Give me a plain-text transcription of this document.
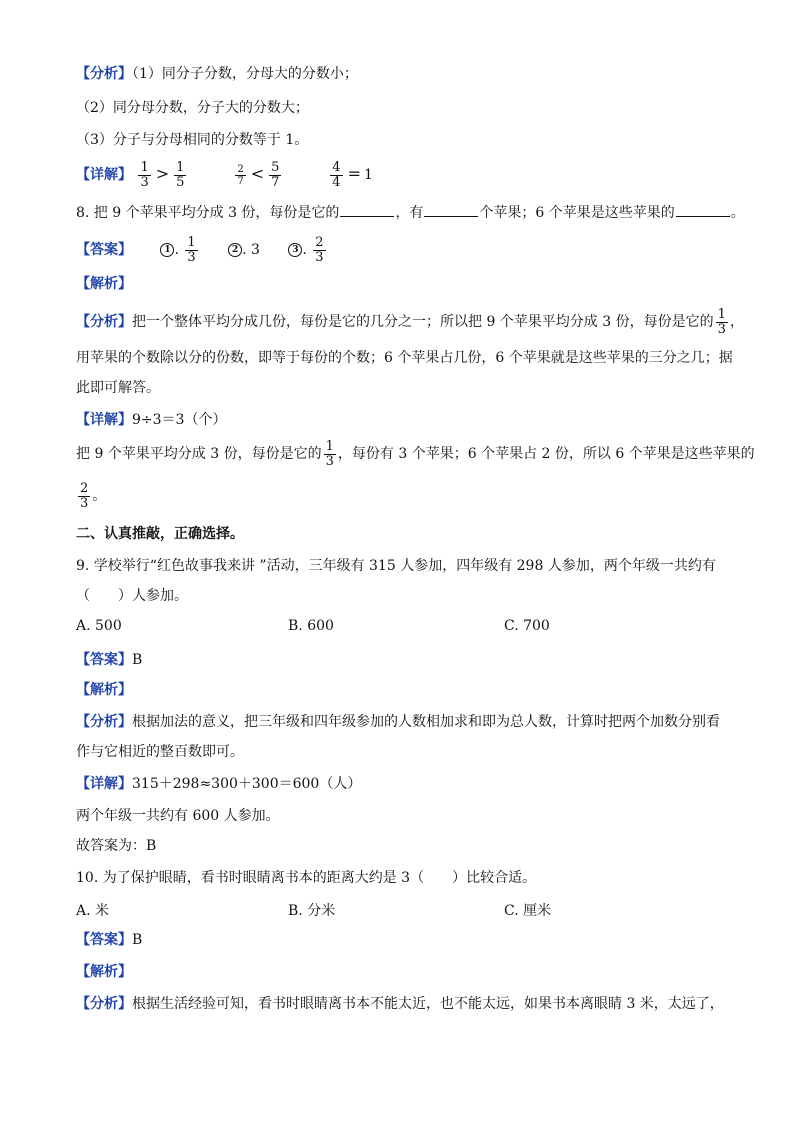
【分析】（1）同分子分数，分母大的分数小；
（2）同分母分数，分子大的分数大；
（3）分子与分母相同的分数等于 1。
【详解】 $\frac{1}{3} > \frac{1}{5}$
	$\frac{2}{7} < \frac{5}{7}$
	$\frac{4}{4} = 1$
8. 把 9 个苹果平均分成 3 份，每份是它的	，有	个苹果；6 个苹果是这些苹果的	。
【答案】	1 . $\frac{1}{3}$	2 . 3	3 . $\frac{2}{3}$
【解析】
【分析】把一个整体平均分成几份，每份是它的几分之一；所以把 9 个苹果平均分成 3 份，每份是它的 $\frac{1}{3}$ ，
用苹果的个数除以分的份数，即等于每份的个数；6 个苹果占几份，6 个苹果就是这些苹果的三分之几；据
此即可解答。
【详解】9÷3＝3（个）
把 9 个苹果平均分成 3 份，每份是它的 $\frac{1}{3}$ ，每份有 3 个苹果；6 个苹果占 2 份，所以 6 个苹果是这些苹果的
$\frac{2}{3}$ 。
二、认真推敲，正确选择。
9. 学校举行“红色故事我来讲 ”活动，三年级有 315 人参加，四年级有 298 人参加，两个年级一共约有
（　　）人参加。
A. 500	B. 600	C. 700
【答案】B
【解析】
【分析】根据加法的意义，把三年级和四年级参加的人数相加求和即为总人数，计算时把两个加数分别看
作与它相近的整百数即可。
【详解】315＋298≈300＋300＝600（人）
两个年级一共约有 600 人参加。
故答案为：B
10. 为了保护眼睛，看书时眼睛离书本的距离大约是 3（　　）比较合适。
A. 米	B. 分米	C. 厘米
【答案】B
【解析】
【分析】根据生活经验可知，看书时眼睛离书本不能太近，也不能太远，如果书本离眼睛 3 米，太远了，
